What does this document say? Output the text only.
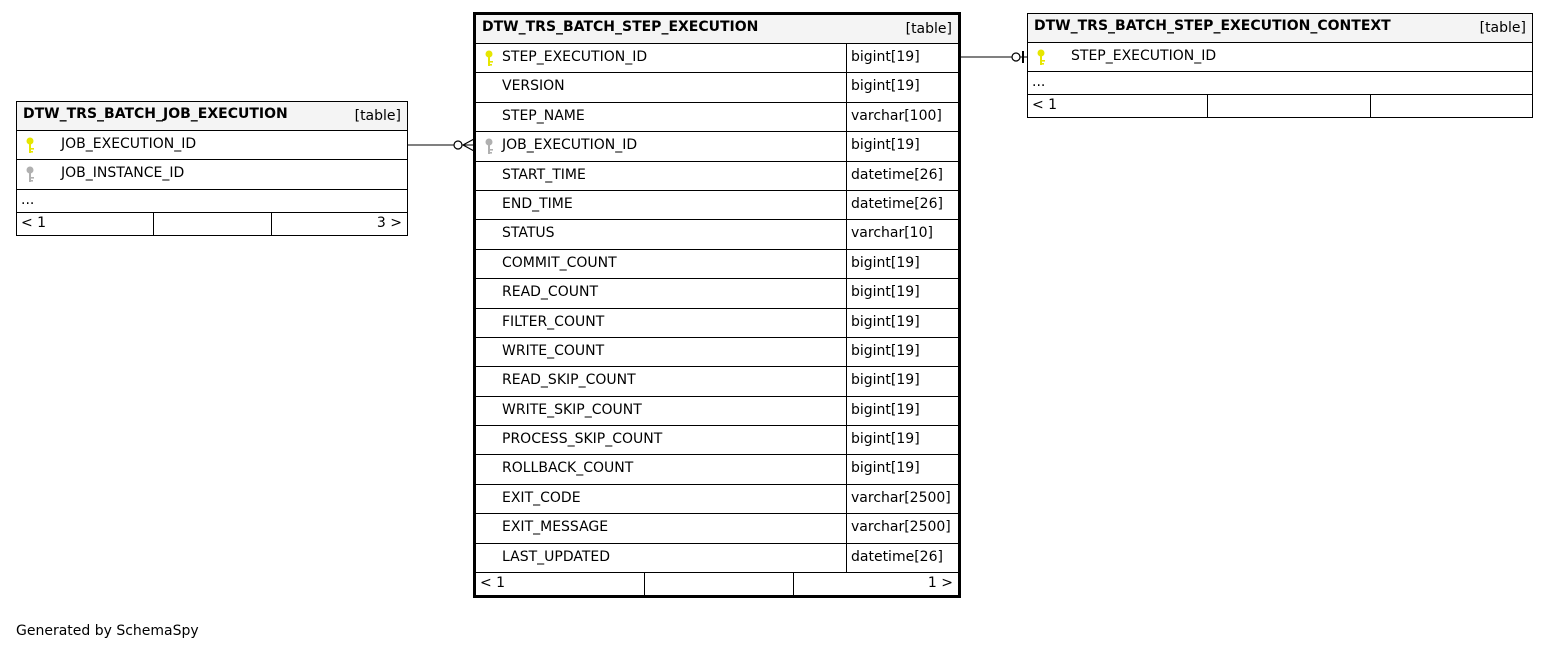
DTW_TRS_BATCH_JOB_EXECUTION	[table]
JOB_EXECUTION_ID
JOB_INSTANCE_ID
...
< 1	3 >
DTW_TRS_BATCH_STEP_EXECUTION	[table]
STEP_EXECUTION_ID	bigint[19]
VERSION	bigint[19]
STEP_NAME	varchar[100]
JOB_EXECUTION_ID	bigint[19]
START_TIME	datetime[26]
END_TIME	datetime[26]
STATUS	varchar[10]
COMMIT_COUNT	bigint[19]
READ_COUNT	bigint[19]
FILTER_COUNT	bigint[19]
WRITE_COUNT	bigint[19]
READ_SKIP_COUNT	bigint[19]
WRITE_SKIP_COUNT	bigint[19]
PROCESS_SKIP_COUNT	bigint[19]
ROLLBACK_COUNT	bigint[19]
EXIT_CODE	varchar[2500]
EXIT_MESSAGE	varchar[2500]
LAST_UPDATED	datetime[26]
< 1	1 >
DTW_TRS_BATCH_STEP_EXECUTION_CONTEXT	[table]
STEP_EXECUTION_ID
...
< 1
Generated by SchemaSpy
